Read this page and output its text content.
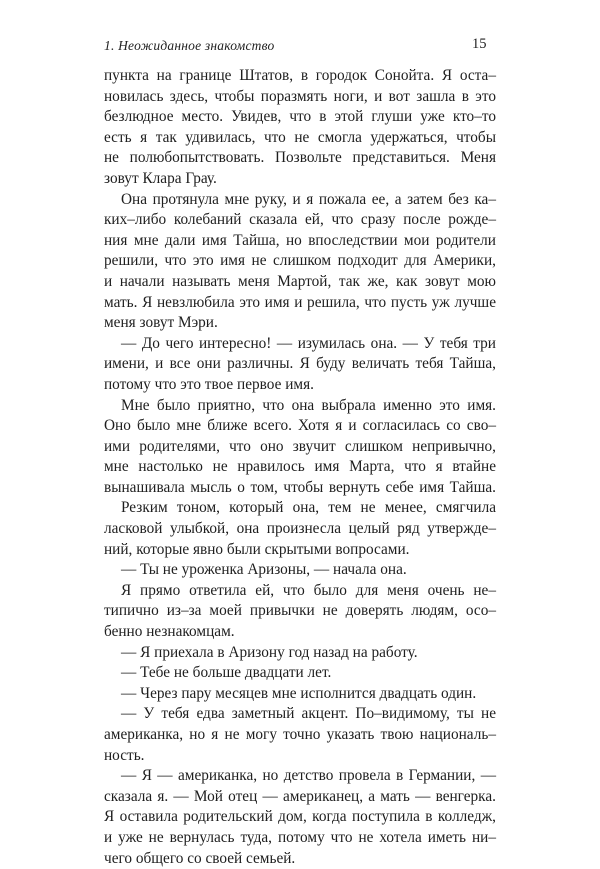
1. Неожиданное знакомство	15
пункта на границе Штатов, в городок Сонойта. Я оста–
новилась здесь, чтобы поразмять ноги, и вот зашла в это
безлюдное место. Увидев, что в этой глуши уже кто–то
есть я так удивилась, что не смогла удержаться, чтобы
не полюбопытствовать. Позвольте представиться. Меня
зовут Клара Грау.
Она протянула мне руку, и я пожала ее, а затем без ка–
ких–либо колебаний сказала ей, что сразу после рожде–
ния мне дали имя Тайша, но впоследствии мои родители
решили, что это имя не слишком подходит для Америки,
и начали называть меня Мартой, так же, как зовут мою
мать. Я невзлюбила это имя и решила, что пусть уж лучше
меня зовут Мэри.
— До чего интересно! — изумилась она. — У тебя три
имени, и все они различны. Я буду величать тебя Тайша,
потому что это твое первое имя.
Мне было приятно, что она выбрала именно это имя.
Оно было мне ближе всего. Хотя я и согласилась со сво–
ими родителями, что оно звучит слишком непривычно,
мне настолько не нравилось имя Марта, что я втайне
вынашивала мысль о том, чтобы вернуть себе имя Тайша.
Резким тоном, который она, тем не менее, смягчила
ласковой улыбкой, она произнесла целый ряд утвержде–
ний, которые явно были скрытыми вопросами.
— Ты не уроженка Аризоны, — начала она.
Я прямо ответила ей, что было для меня очень не–
типично из–за моей привычки не доверять людям, осо–
бенно незнакомцам.
— Я приехала в Аризону год назад на работу.
— Тебе не больше двадцати лет.
— Через пару месяцев мне исполнится двадцать один.
— У тебя едва заметный акцент. По–видимому, ты не
американка, но я не могу точно указать твою националь–
ность.
— Я — американка, но детство провела в Германии, —
сказала я. — Мой отец — американец, а мать — венгерка.
Я оставила родительский дом, когда поступила в колледж,
и уже не вернулась туда, потому что не хотела иметь ни–
чего общего со своей семьей.
